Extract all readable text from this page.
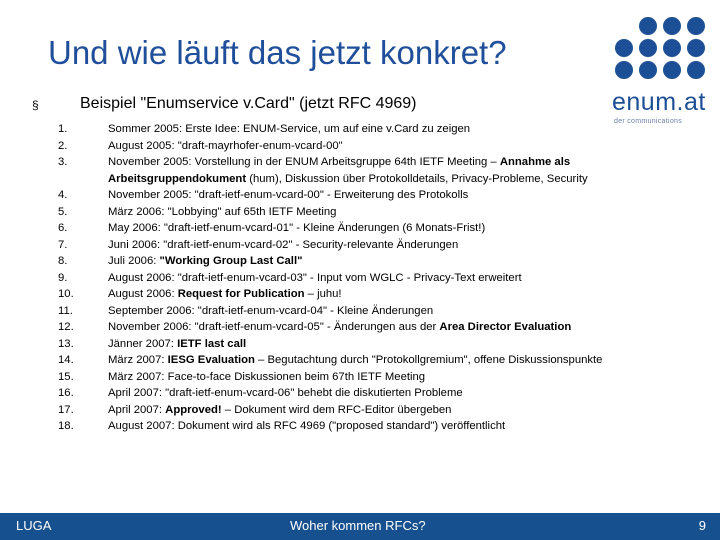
Und wie läuft das jetzt konkret?
enum.at
der communications
§	Beispiel "Enumservice v.Card" (jetzt RFC 4969)
1.	Sommer 2005: Erste Idee: ENUM-Service, um auf eine v.Card zu zeigen
2.	August 2005: "draft-mayrhofer-enum-vcard-00"
3.	November 2005: Vorstellung in der ENUM Arbeitsgruppe 64th IETF Meeting – Annahme als Arbeitsgruppendokument (hum), Diskussion über Protokolldetails, Privacy-Probleme, Security
4.	November 2005: "draft-ietf-enum-vcard-00" - Erweiterung des Protokolls
5.	März 2006: "Lobbying" auf 65th IETF Meeting
6.	May 2006: "draft-ietf-enum-vcard-01" - Kleine Änderungen (6 Monats-Frist!)
7.	Juni 2006: "draft-ietf-enum-vcard-02" - Security-relevante Änderungen
8.	Juli 2006: "Working Group Last Call"
9.	August 2006: "draft-ietf-enum-vcard-03" - Input vom WGLC - Privacy-Text erweitert
10.	August 2006: Request for Publication – juhu!
11.	September 2006: "draft-ietf-enum-vcard-04" - Kleine Änderungen
12.	November 2006: "draft-ietf-enum-vcard-05" - Änderungen aus der Area Director Evaluation
13.	Jänner 2007: IETF last call
14.	März 2007: IESG Evaluation – Begutachtung durch "Protokollgremium", offene Diskussionspunkte
15.	März 2007: Face-to-face Diskussionen beim 67th IETF Meeting
16.	April 2007: "draft-ietf-enum-vcard-06" behebt die diskutierten Probleme
17.	April 2007: Approved! – Dokument wird dem RFC-Editor übergeben
18.	August 2007: Dokument wird als RFC 4969 ("proposed standard") veröffentlicht
LUGA	Woher kommen RFCs?	9
